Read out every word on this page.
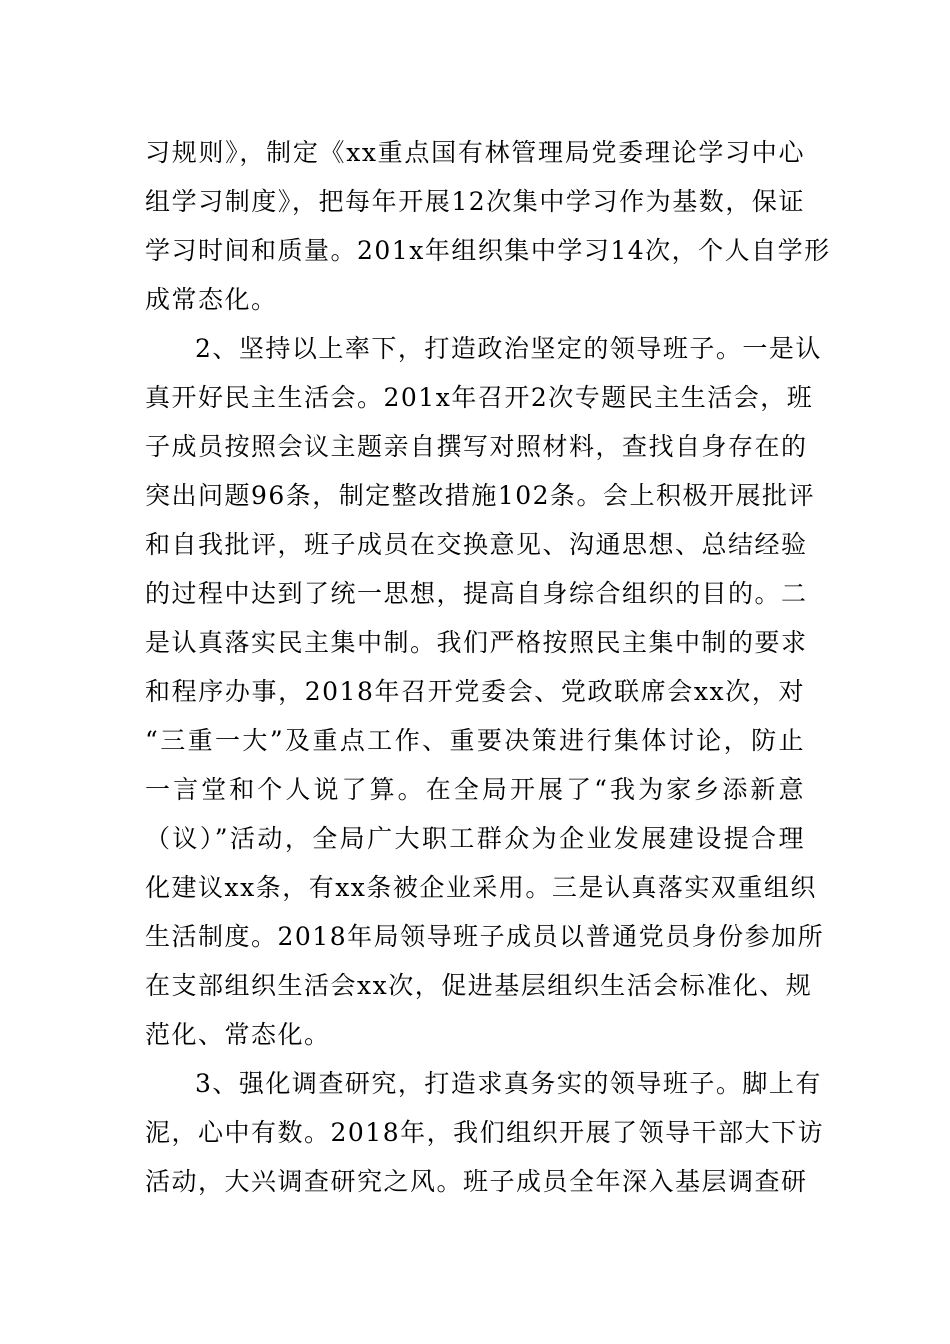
习规则》，制定《xx重点国有林管理局党委理论学习中心
组学习制度》，把每年开展12次集中学习作为基数，保证
学习时间和质量。201x年组织集中学习14次，个人自学形
成常态化。
2、坚持以上率下，打造政治坚定的领导班子。一是认
真开好民主生活会。201x年召开2次专题民主生活会，班
子成员按照会议主题亲自撰写对照材料，查找自身存在的
突出问题96条，制定整改措施102条。会上积极开展批评
和自我批评，班子成员在交换意见、沟通思想、总结经验
的过程中达到了统一思想，提高自身综合组织的目的。二
是认真落实民主集中制。我们严格按照民主集中制的要求
和程序办事，2018年召开党委会、党政联席会xx次，对
“三重一大”及重点工作、重要决策进行集体讨论，防止
一言堂和个人说了算。在全局开展了“我为家乡添新意
（议）”活动，全局广大职工群众为企业发展建设提合理
化建议xx条，有xx条被企业采用。三是认真落实双重组织
生活制度。2018年局领导班子成员以普通党员身份参加所
在支部组织生活会xx次，促进基层组织生活会标准化、规
范化、常态化。
3、强化调查研究，打造求真务实的领导班子。脚上有
泥，心中有数。2018年，我们组织开展了领导干部大下访
活动，大兴调查研究之风。班子成员全年深入基层调查研
